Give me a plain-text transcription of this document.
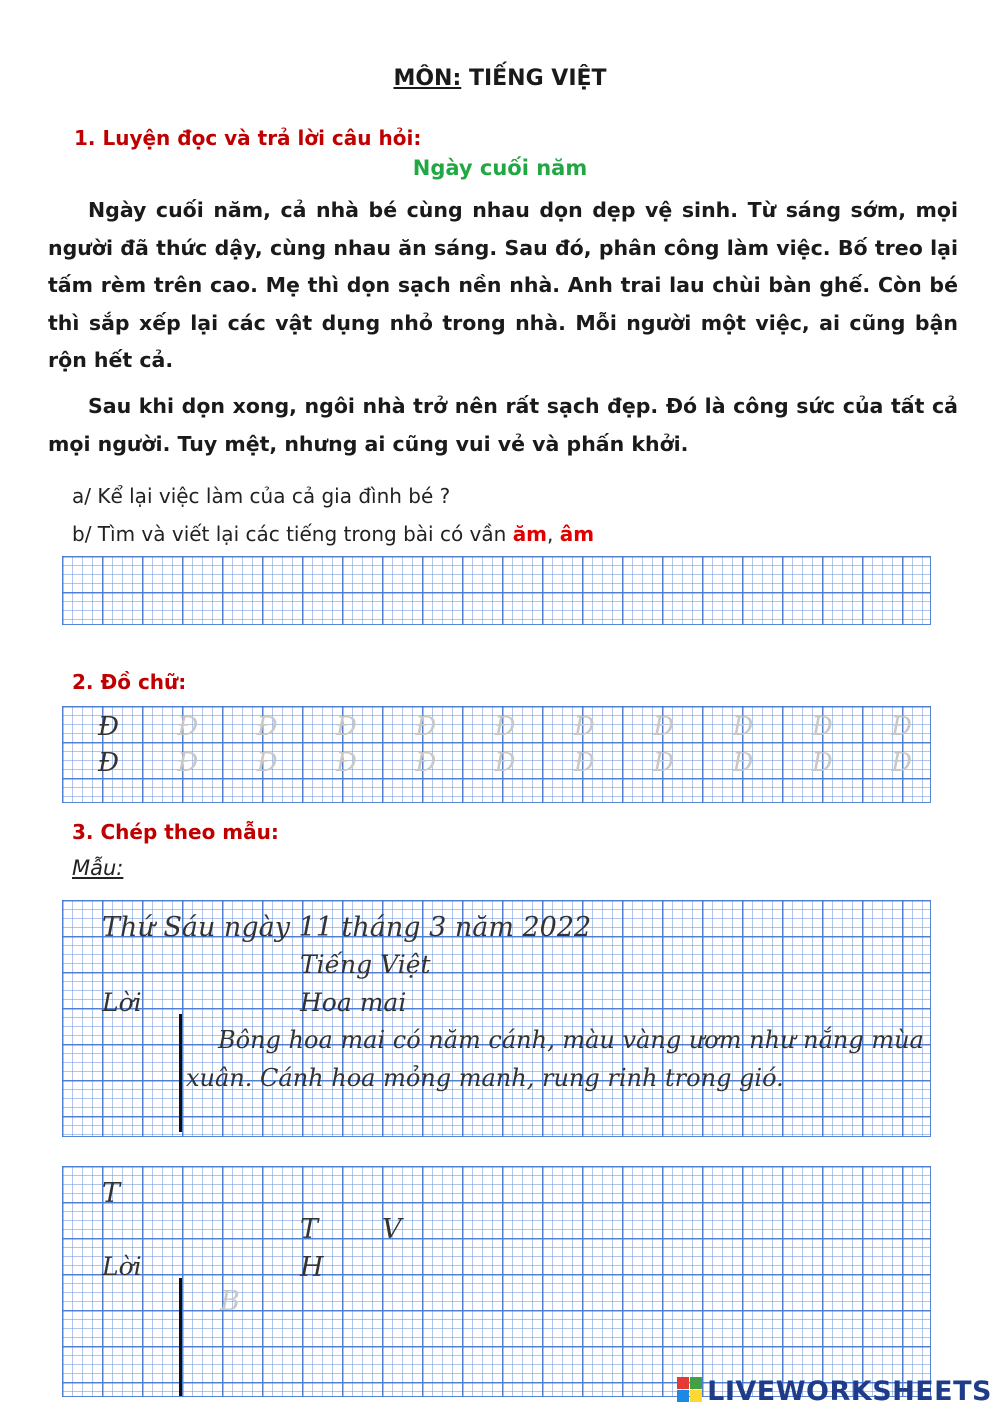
MÔN: TIẾNG VIỆT
1. Luyện đọc và trả lời câu hỏi:
Ngày cuối năm
Ngày cuối năm, cả nhà bé cùng nhau dọn dẹp vệ sinh. Từ sáng sớm, mọi người đã thức dậy, cùng nhau ăn sáng. Sau đó, phân công làm việc. Bố treo lại tấm rèm trên cao. Mẹ thì dọn sạch nền nhà. Anh trai lau chùi bàn ghế. Còn bé thì sắp xếp lại các vật dụng nhỏ trong nhà. Mỗi người một việc, ai cũng bận rộn hết cả.
Sau khi dọn xong, ngôi nhà trở nên rất sạch đẹp. Đó là công sức của tất cả mọi người. Tuy mệt, nhưng ai cũng vui vẻ và phấn khởi.
a/ Kể lại việc làm của cả gia đình bé ?
b/ Tìm và viết lại các tiếng trong bài có vần ăm, âm
2. Đồ chữ:
Đ Đ Đ Đ Đ Đ Đ Đ Đ Đ Đ
Đ Đ Đ Đ Đ Đ Đ Đ Đ Đ Đ
3. Chép theo mẫu:
Mẫu:
Thứ Sáu ngày 11 tháng 3 năm 2022
Tiếng Việt
Lời	Hoa mai
Bông hoa mai có năm cánh, màu vàng ươm như nắng mùa
xuân. Cánh hoa mỏng manh, rung rinh trong gió.
T
T V
Lời	H
B
LIVEWORKSHEETS
